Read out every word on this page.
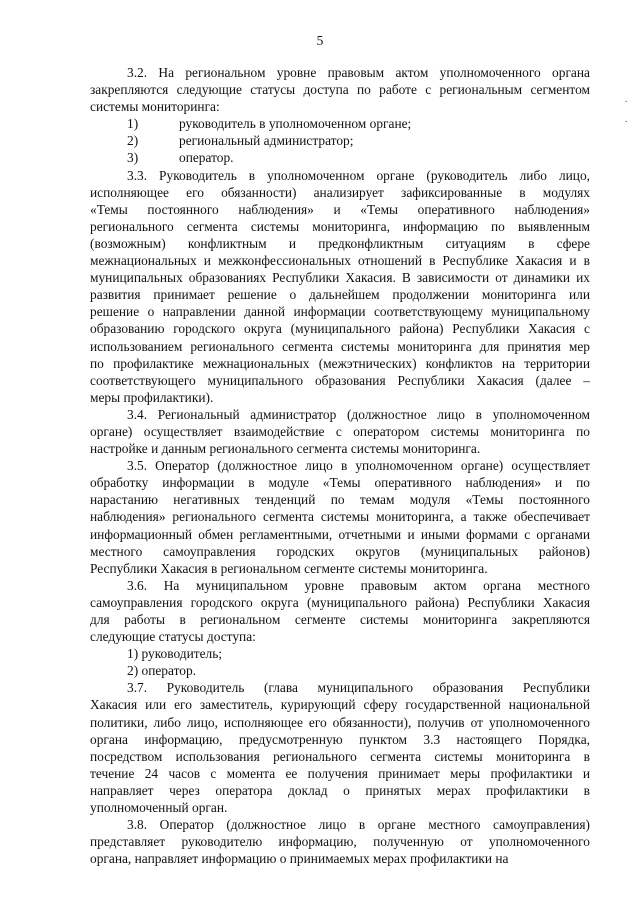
5
·
·
3.2. На региональном уровне правовым актом уполномоченного органа
закрепляются следующие статусы доступа по работе с региональным сегментом
системы мониторинга:
1)	руководитель в уполномоченном органе;
2)	региональный администратор;
3)	оператор.
3.3. Руководитель в уполномоченном органе (руководитель либо лицо,
исполняющее его обязанности) анализирует зафиксированные в модулях
«Темы постоянного наблюдения» и «Темы оперативного наблюдения»
регионального сегмента системы мониторинга, информацию по выявленным
(возможным) конфликтным и предконфликтным ситуациям в сфере
межнациональных и межконфессиональных отношений в Республике Хакасия и в
муниципальных образованиях Республики Хакасия. В зависимости от динамики их
развития принимает решение о дальнейшем продолжении мониторинга или
решение о направлении данной информации соответствующему муниципальному
образованию городского округа (муниципального района) Республики Хакасия с
использованием регионального сегмента системы мониторинга для принятия мер
по профилактике межнациональных (межэтнических) конфликтов на территории
соответствующего муниципального образования Республики Хакасия (далее –
меры профилактики).
3.4. Региональный администратор (должностное лицо в уполномоченном
органе) осуществляет взаимодействие с оператором системы мониторинга по
настройке и данным регионального сегмента системы мониторинга.
3.5. Оператор (должностное лицо в уполномоченном органе) осуществляет
обработку информации в модуле «Темы оперативного наблюдения» и по
нарастанию негативных тенденций по темам модуля «Темы постоянного
наблюдения» регионального сегмента системы мониторинга, а также обеспечивает
информационный обмен регламентными, отчетными и иными формами с органами
местного самоуправления городских округов (муниципальных районов)
Республики Хакасия в региональном сегменте системы мониторинга.
3.6. На муниципальном уровне правовым актом органа местного
самоуправления городского округа (муниципального района) Республики Хакасия
для работы в региональном сегменте системы мониторинга закрепляются
следующие статусы доступа:
1) руководитель;
2) оператор.
3.7. Руководитель (глава муниципального образования Республики
Хакасия или его заместитель, курирующий сферу государственной национальной
политики, либо лицо, исполняющее его обязанности), получив от уполномоченного
органа информацию, предусмотренную пунктом 3.3 настоящего Порядка,
посредством использования регионального сегмента системы мониторинга в
течение 24 часов с момента ее получения принимает меры профилактики и
направляет через оператора доклад о принятых мерах профилактики в
уполномоченный орган.
3.8. Оператор (должностное лицо в органе местного самоуправления)
представляет руководителю информацию, полученную от уполномоченного
органа, направляет информацию о принимаемых мерах профилактики на
